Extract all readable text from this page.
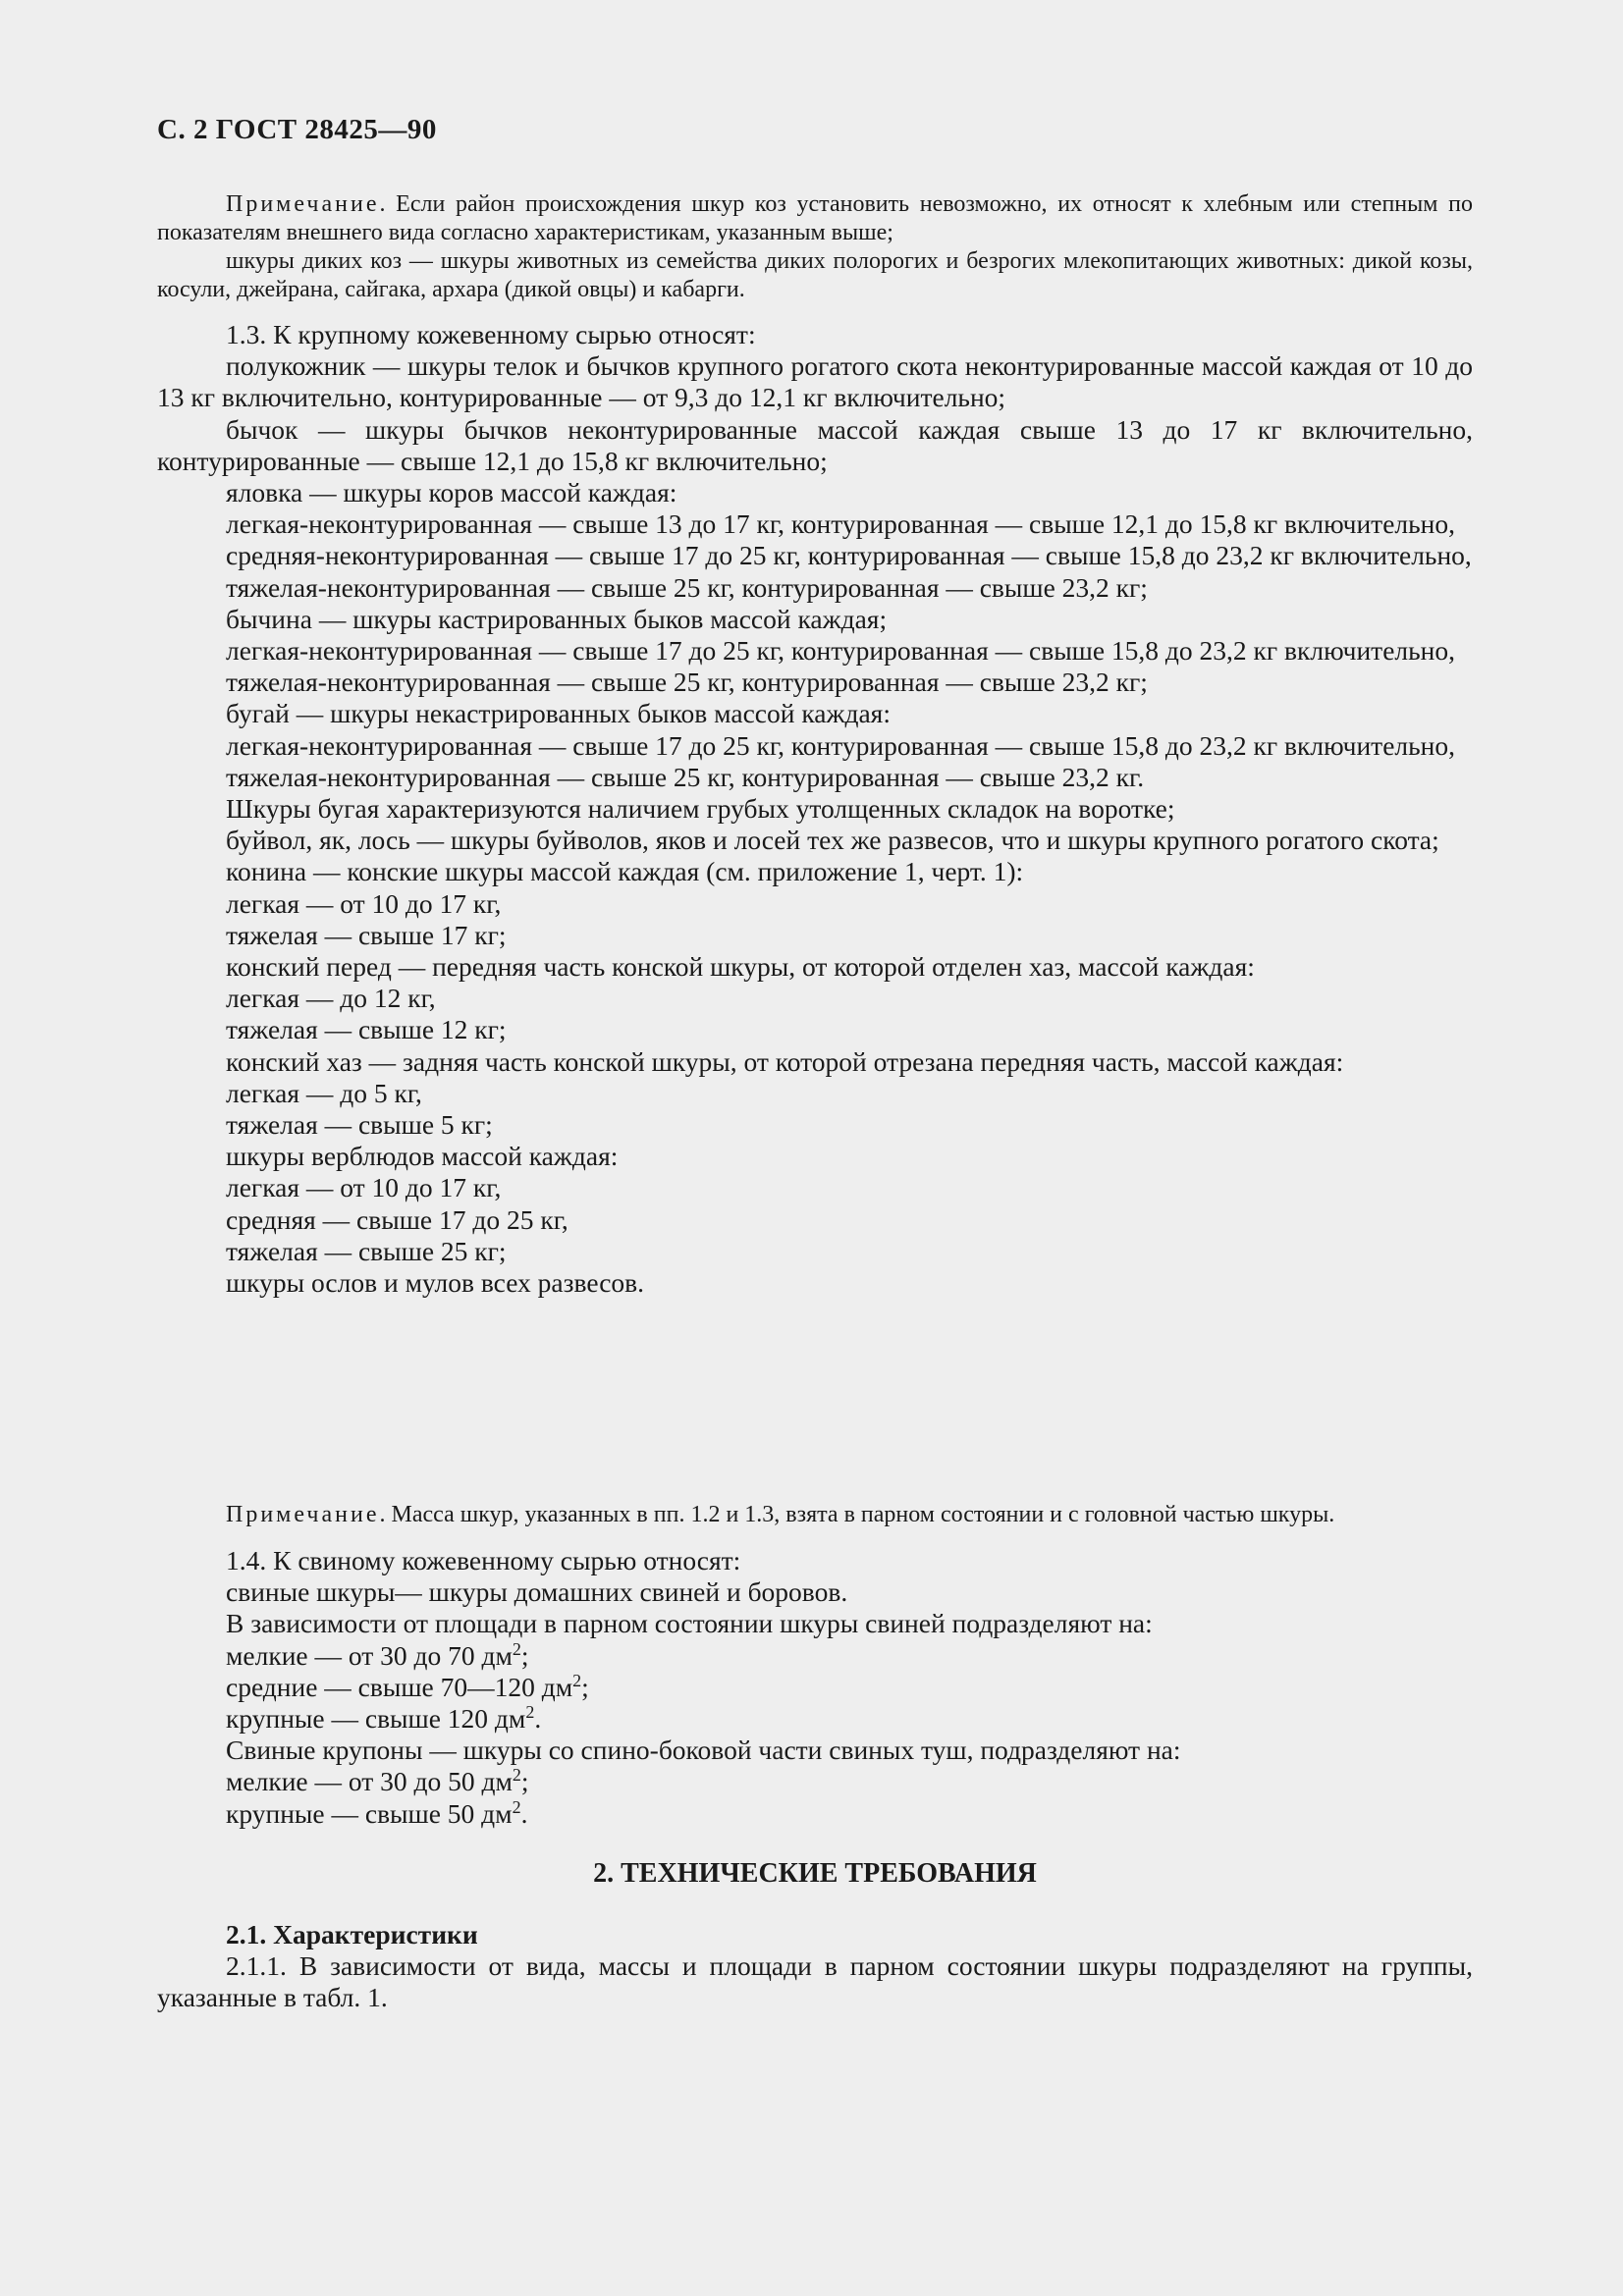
С. 2 ГОСТ 28425—90

Примечание. Если район происхождения шкур коз установить невозможно, их относят к хлебным или степным по показателям внешнего вида согласно характеристикам, указанным выше;

шкуры диких коз — шкуры животных из семейства диких полорогих и безрогих млекопитающих животных: дикой козы, косули, джейрана, сайгака, архара (дикой овцы) и кабарги.

1.3. К крупному кожевенному сырью относят:

полукожник — шкуры телок и бычков крупного рогатого скота неконтурированные массой каждая от 10 до 13 кг включительно, контурированные — от 9,3 до 12,1 кг включительно;

бычок — шкуры бычков неконтурированные массой каждая свыше 13 до 17 кг включительно, контурированные — свыше 12,1 до 15,8 кг включительно;

яловка — шкуры коров массой каждая:

легкая-неконтурированная — свыше 13 до 17 кг, контурированная — свыше 12,1 до 15,8 кг включительно,

средняя-неконтурированная — свыше 17 до 25 кг, контурированная — свыше 15,8 до 23,2 кг включительно,

тяжелая-неконтурированная — свыше 25 кг, контурированная — свыше 23,2 кг;

бычина — шкуры кастрированных быков массой каждая;

легкая-неконтурированная — свыше 17 до 25 кг, контурированная — свыше 15,8 до 23,2 кг включительно,

тяжелая-неконтурированная — свыше 25 кг, контурированная — свыше 23,2 кг;

бугай — шкуры некастрированных быков массой каждая:

легкая-неконтурированная — свыше 17 до 25 кг, контурированная — свыше 15,8 до 23,2 кг включительно,

тяжелая-неконтурированная — свыше 25 кг, контурированная — свыше 23,2 кг.

Шкуры бугая характеризуются наличием грубых утолщенных складок на воротке;

буйвол, як, лось — шкуры буйволов, яков и лосей тех же развесов, что и шкуры крупного рогатого скота;

конина — конские шкуры массой каждая (см. приложение 1, черт. 1):

легкая — от 10 до 17 кг,

тяжелая — свыше 17 кг;

конский перед — передняя часть конской шкуры, от которой отделен хаз, массой каждая:

легкая — до 12 кг,

тяжелая — свыше 12 кг;

конский хаз — задняя часть конской шкуры, от которой отрезана передняя часть, массой каждая:

легкая — до 5 кг,

тяжелая — свыше 5 кг;

шкуры верблюдов массой каждая:

легкая — от 10 до 17 кг,

средняя — свыше 17 до 25 кг,

тяжелая — свыше 25 кг;

шкуры ослов и мулов всех развесов.

Примечание. Масса шкур, указанных в пп. 1.2 и 1.3, взята в парном состоянии и с головной частью шкуры.

1.4. К свиному кожевенному сырью относят:

свиные шкуры— шкуры домашних свиней и боровов.

В зависимости от площади в парном состоянии шкуры свиней подразделяют на:

мелкие — от 30 до 70 $дм^2$;

средние — свыше 70—120 $дм^2$;

крупные — свыше 120 $дм^2$.

Свиные крупоны — шкуры со спино-боковой части свиных туш, подразделяют на:

мелкие — от 30 до 50 $дм^2$;

крупные — свыше 50 $дм^2$.

2. ТЕХНИЧЕСКИЕ ТРЕБОВАНИЯ

2.1. Характеристики

2.1.1. В зависимости от вида, массы и площади в парном состоянии шкуры подразделяют на группы, указанные в табл. 1.
